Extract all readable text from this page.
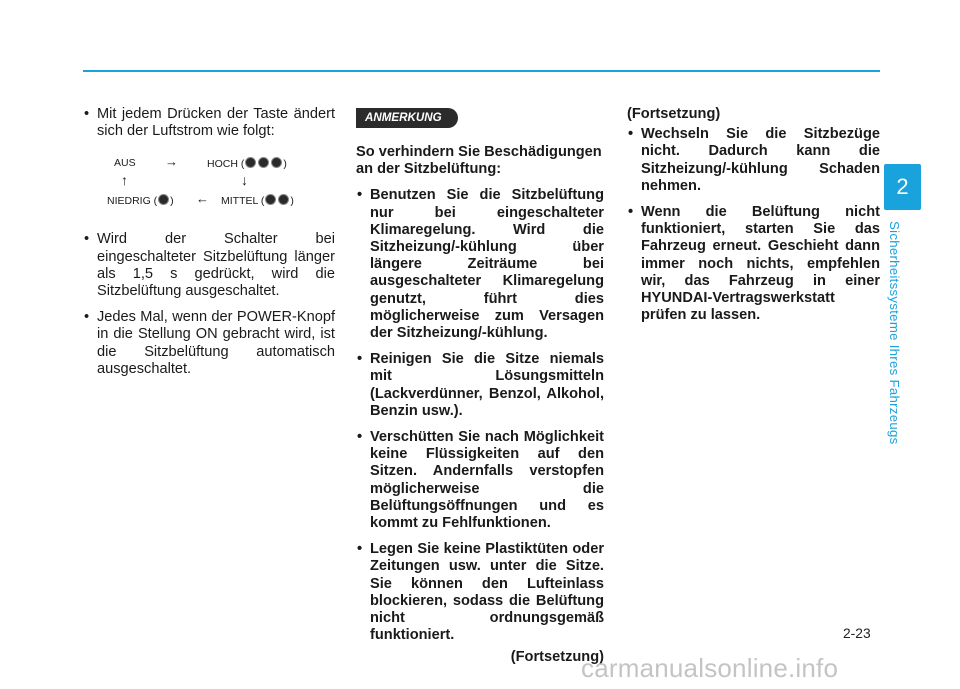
• Mit jedem Drücken der Taste ändert sich der Luftstrom wie folgt:
AUS →	HOCH (	)
↑	↓
NIEDRIG ( ) ← MITTEL ( )
• Wird der Schalter bei eingeschalteter Sitzbelüftung länger als 1,5 s gedrückt, wird die Sitzbelüftung ausgeschaltet.
• Jedes Mal, wenn der POWER-Knopf in die Stellung ON gebracht wird, ist die Sitzbelüftung automatisch ausgeschaltet.
ANMERKUNG

So verhindern Sie Beschädigungen an der Sitzbelüftung:

• Benutzen Sie die Sitzbelüftung nur bei eingeschalteter Klimaregelung. Wird die Sitzheizung/-kühlung über längere Zeiträume bei ausgeschalteter Klimaregelung genutzt, führt dies möglicherweise zum Versagen der Sitzheizung/-kühlung.
• Reinigen Sie die Sitze niemals mit Lösungsmitteln (Lackverdünner, Benzol, Alkohol, Benzin usw.).
• Verschütten Sie nach Möglichkeit keine Flüssigkeiten auf den Sitzen. Andernfalls verstopfen möglicherweise die Belüftungsöffnungen und es kommt zu Fehlfunktionen.
• Legen Sie keine Plastiktüten oder Zeitungen usw. unter die Sitze. Sie können den Lufteinlass blockieren, sodass die Belüftung nicht ordnungsgemäß funktioniert.

(Fortsetzung)

(Fortsetzung)

• Wechseln Sie die Sitzbezüge nicht. Dadurch kann die Sitzheizung/-kühlung Schaden nehmen.
• Wenn die Belüftung nicht funktioniert, starten Sie das Fahrzeug erneut. Geschieht dann immer noch nichts, empfehlen wir, das Fahrzeug in einer HYUNDAI-Vertragswerkstatt prüfen zu lassen.
2
Sicherheitssysteme Ihres Fahrzeugs
2-23
carmanualsonline.info
